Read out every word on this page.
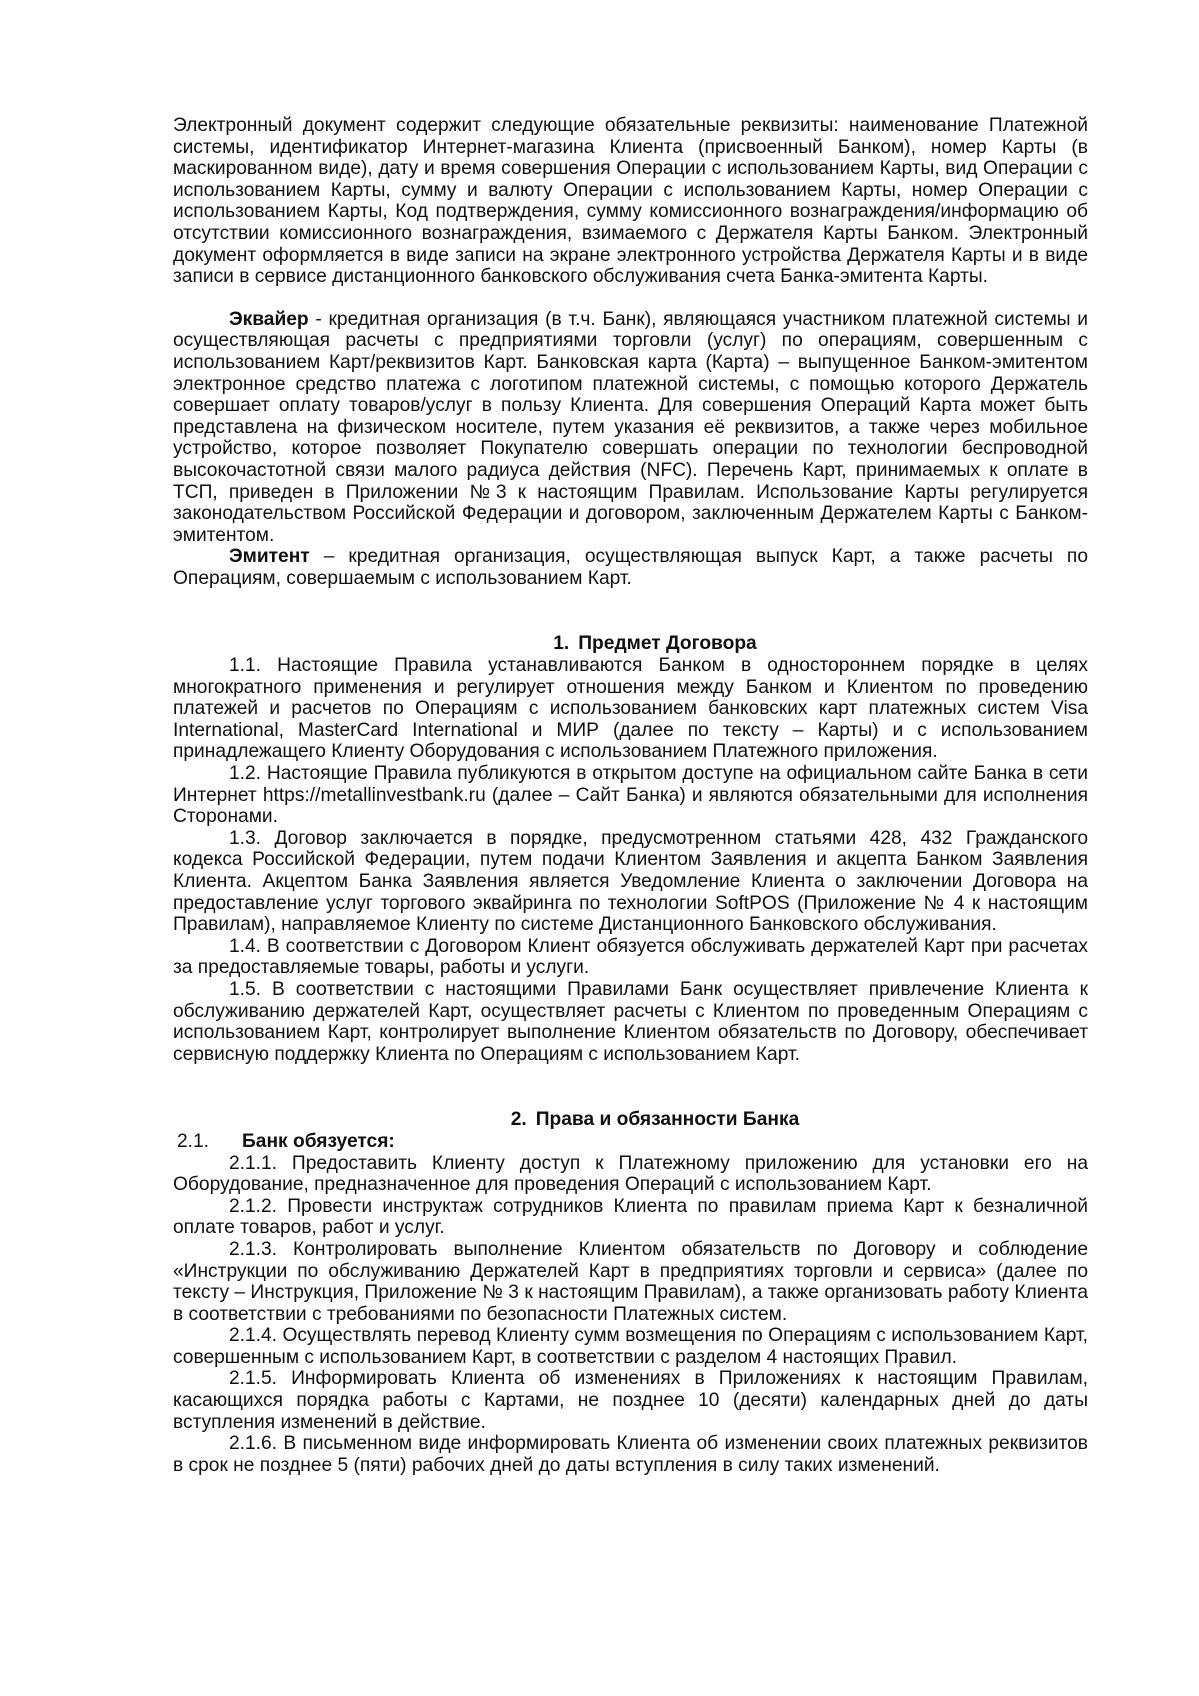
Электронный документ содержит следующие обязательные реквизиты: наименование Платежной системы, идентификатор Интернет-магазина Клиента (присвоенный Банком), номер Карты (в маскированном виде), дату и время совершения Операции с использованием Карты, вид Операции с использованием Карты, сумму и валюту Операции с использованием Карты, номер Операции с использованием Карты, Код подтверждения, сумму комиссионного вознаграждения/информацию об отсутствии комиссионного вознаграждения, взимаемого с Держателя Карты Банком. Электронный документ оформляется в виде записи на экране электронного устройства Держателя Карты и в виде записи в сервисе дистанционного банковского обслуживания счета Банка-эмитента Карты.

Эквайер - кредитная организация (в т.ч. Банк), являющаяся участником платежной системы и осуществляющая расчеты с предприятиями торговли (услуг) по операциям, совершенным с использованием Карт/реквизитов Карт. Банковская карта (Карта) – выпущенное Банком-эмитентом электронное средство платежа с логотипом платежной системы, с помощью которого Держатель совершает оплату товаров/услуг в пользу Клиента. Для совершения Операций Карта может быть представлена на физическом носителе, путем указания её реквизитов, а также через мобильное устройство, которое позволяет Покупателю совершать операции по технологии беспроводной высокочастотной связи малого радиуса действия (NFC). Перечень Карт, принимаемых к оплате в ТСП, приведен в Приложении №3 к настоящим Правилам. Использование Карты регулируется законодательством Российской Федерации и договором, заключенным Держателем Карты с Банком-эмитентом.

Эмитент – кредитная организация, осуществляющая выпуск Карт, а также расчеты по Операциям, совершаемым с использованием Карт.

1. Предмет Договора

1.1. Настоящие Правила устанавливаются Банком в одностороннем порядке в целях многократного применения и регулирует отношения между Банком и Клиентом по проведению платежей и расчетов по Операциям с использованием банковских карт платежных систем Visa International, MasterCard International и МИР (далее по тексту – Карты) и с использованием принадлежащего Клиенту Оборудования с использованием Платежного приложения.

1.2. Настоящие Правила публикуются в открытом доступе на официальном сайте Банка в сети Интернет https://metallinvestbank.ru (далее – Сайт Банка) и являются обязательными для исполнения Сторонами.

1.3. Договор заключается в порядке, предусмотренном статьями 428, 432 Гражданского кодекса Российской Федерации, путем подачи Клиентом Заявления и акцепта Банком Заявления Клиента. Акцептом Банка Заявления является Уведомление Клиента о заключении Договора на предоставление услуг торгового эквайринга по технологии SoftPOS (Приложение № 4 к настоящим Правилам), направляемое Клиенту по системе Дистанционного Банковского обслуживания.

1.4. В соответствии с Договором Клиент обязуется обслуживать держателей Карт при расчетах за предоставляемые товары, работы и услуги.

1.5. В соответствии с настоящими Правилами Банк осуществляет привлечение Клиента к обслуживанию держателей Карт, осуществляет расчеты с Клиентом по проведенным Операциям с использованием Карт, контролирует выполнение Клиентом обязательств по Договору, обеспечивает сервисную поддержку Клиента по Операциям с использованием Карт.

2. Права и обязанности Банка
2.1.	Банк обязуется:

2.1.1. Предоставить Клиенту доступ к Платежному приложению для установки его на Оборудование, предназначенное для проведения Операций с использованием Карт.

2.1.2. Провести инструктаж сотрудников Клиента по правилам приема Карт к безналичной оплате товаров, работ и услуг.

2.1.3. Контролировать выполнение Клиентом обязательств по Договору и соблюдение «Инструкции по обслуживанию Держателей Карт в предприятиях торговли и сервиса» (далее по тексту – Инструкция, Приложение № 3 к настоящим Правилам), а также организовать работу Клиента в соответствии с требованиями по безопасности Платежных систем.

2.1.4. Осуществлять перевод Клиенту сумм возмещения по Операциям с использованием Карт, совершенным с использованием Карт, в соответствии с разделом 4 настоящих Правил.

2.1.5. Информировать Клиента об изменениях в Приложениях к настоящим Правилам, касающихся порядка работы с Картами, не позднее 10 (десяти) календарных дней до даты вступления изменений в действие.

2.1.6. В письменном виде информировать Клиента об изменении своих платежных реквизитов в срок не позднее 5 (пяти) рабочих дней до даты вступления в силу таких изменений.
